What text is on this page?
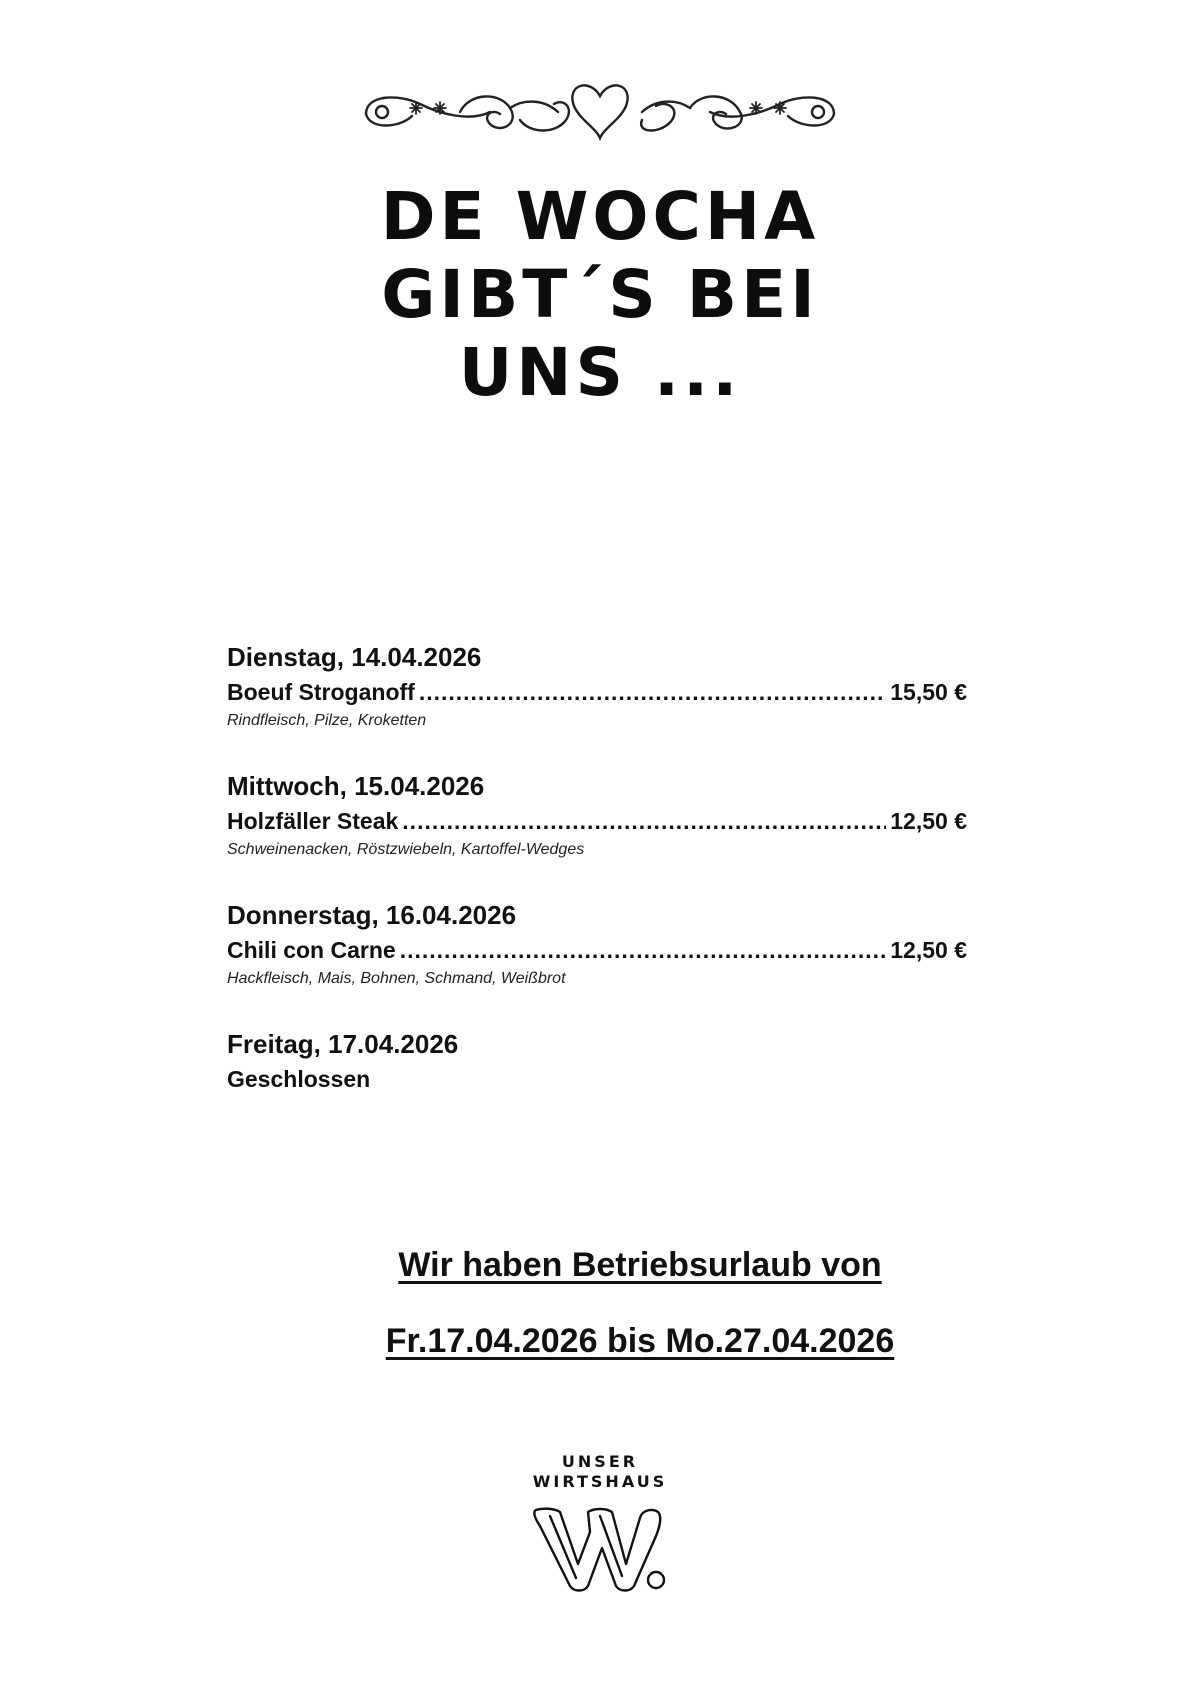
DE WOCHA
GIBT´S BEI
UNS ...
Dienstag, 14.04.2026
Boeuf Stroganoff .....	15,50 €
Rindfleisch, Pilze, Kroketten
Mittwoch, 15.04.2026
Holzfäller Steak .....	12,50 €
Schweinenacken, Röstzwiebeln, Kartoffel-Wedges
Donnerstag, 16.04.2026
Chili con Carne .....	12,50 €
Hackfleisch, Mais, Bohnen, Schmand, Weißbrot
Freitag, 17.04.2026
Geschlossen
Wir haben Betriebsurlaub von
Fr.17.04.2026 bis Mo.27.04.2026
UNSER
WIRTSHAUS
